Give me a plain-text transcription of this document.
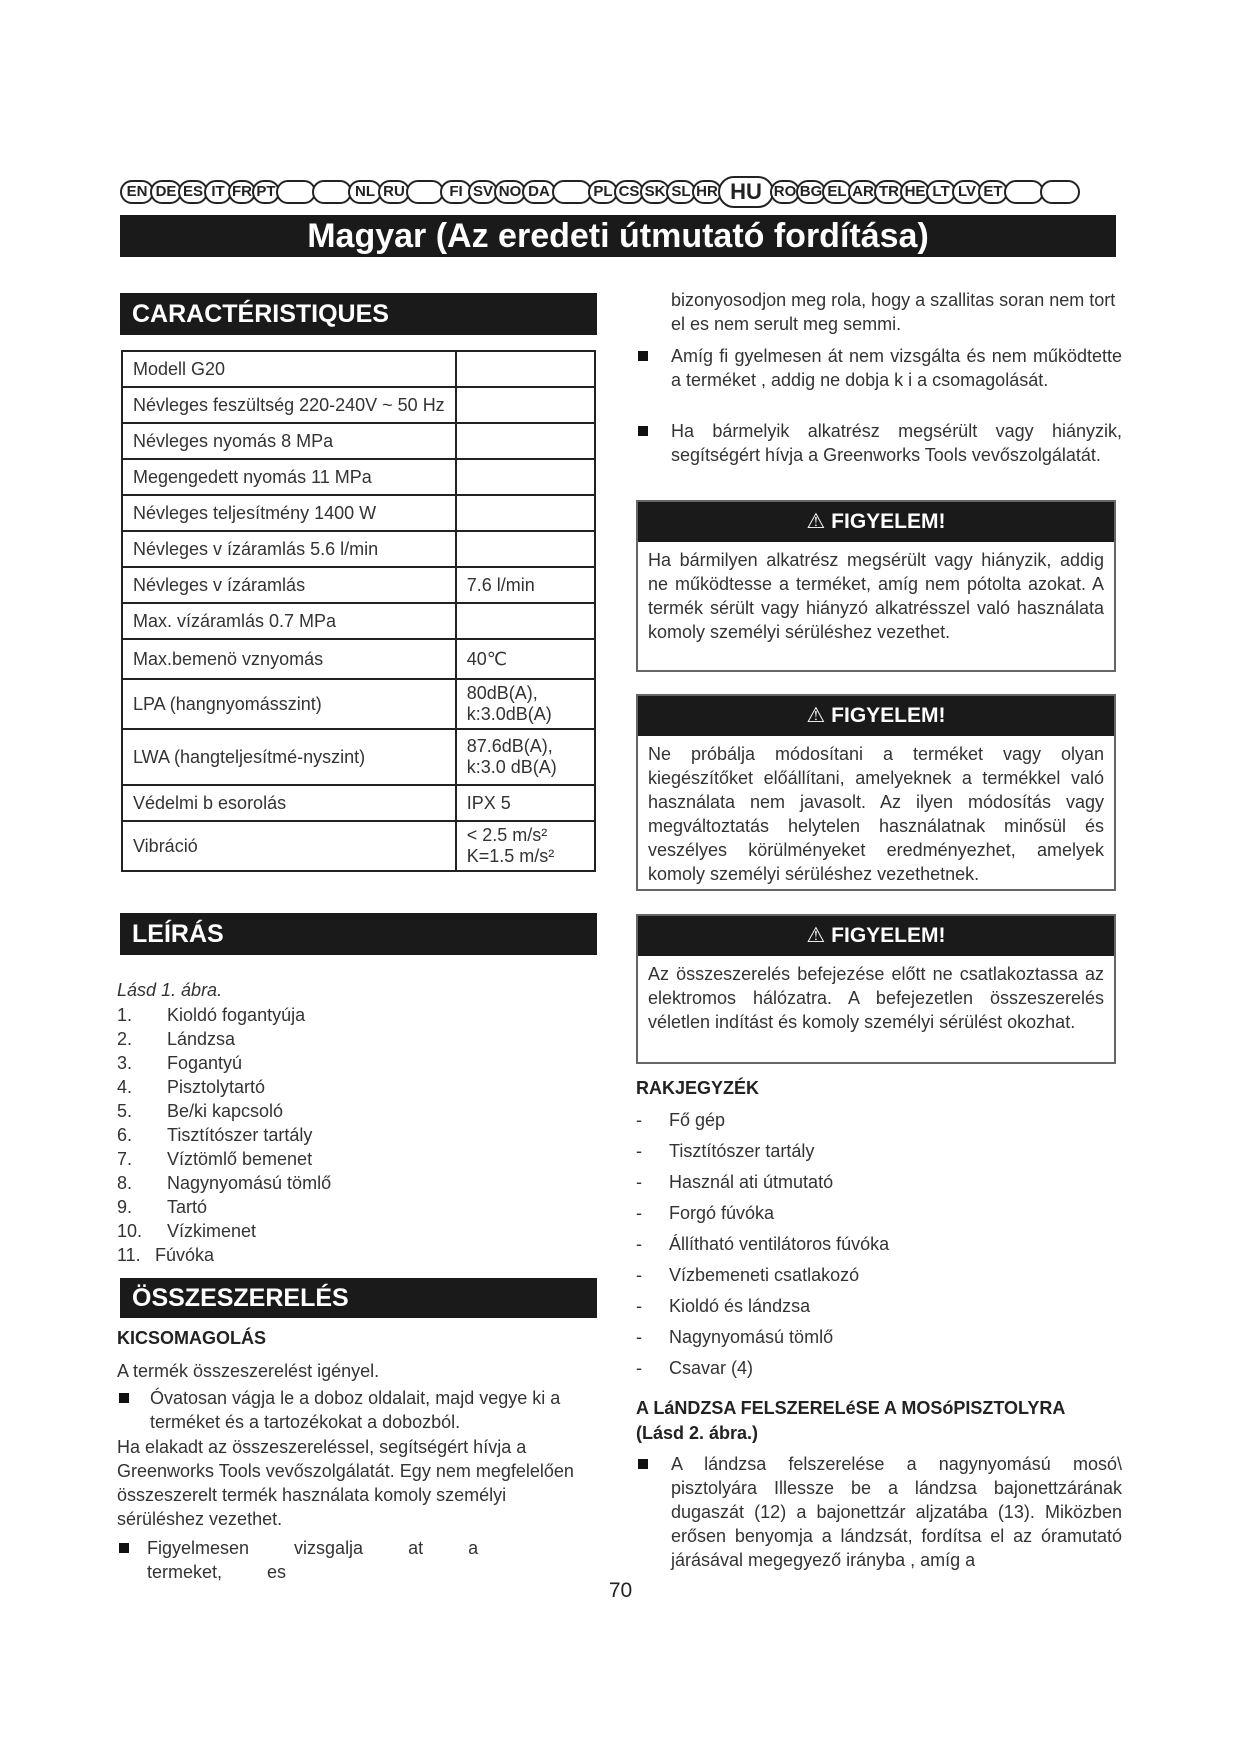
EN DE ES IT FR PT	NL RU	FI SV NO DA	PL CS SK SL HR HU RO BG EL AR TR HE LT LV ET
Magyar (Az eredeti útmutató fordítása)
CARACTÉRISTIQUES
Modell G20	
Névleges feszültség 220-240V ~ 50 Hz	
Névleges nyomás 8 MPa	
Megengedett nyomás 11 MPa	
Névleges teljesítmény 1400 W	
Névleges v ízáramlás 5.6 l/min	
Névleges v ízáramlás	7.6 l/min
Max. vízáramlás 0.7 MPa	
Max.bemenö vznyomás	40℃
LPA (hangnyomásszint)	80dB(A), k:3.0dB(A)
LWA (hangteljesítmé-nyszint)	87.6dB(A), k:3.0 dB(A)
Védelmi b esorolás	IPX 5
Vibráció	< 2.5 m/s² K=1.5 m/s²
LEÍRÁS
Lásd 1. ábra.
1. Kioldó fogantyúja
2. Lándzsa
3. Fogantyú
4. Pisztolytartó
5. Be/ki kapcsoló
6. Tisztítószer tartály
7. Víztömlő bemenet
8. Nagynyomású tömlő
9. Tartó
10. Vízkimenet
11. Fúvóka
ÖSSZESZERELÉS
KICSOMAGOLÁS
A termék összeszerelést igényel.
Óvatosan vágja le a doboz oldalait, majd vegye ki a terméket és a tartozékokat a dobozból.
Ha elakadt az összeszereléssel, segítségért hívja a Greenworks Tools vevőszolgálatát. Egy nem megfelelően összeszerelt termék használata komoly személyi sérüléshez vezethet.
Figyelmesen vizsgalja at a termeket, es
bizonyosodjon meg rola, hogy a szallitas soran nem tort el es nem serult meg semmi.
Amíg fi gyelmesen át nem vizsgálta és nem működtette a terméket , addig ne dobja k i a csomagolását.
Ha bármelyik alkatrész megsérült vagy hiányzik, segítségért hívja a Greenworks Tools vevőszolgálatát.
⚠ FIGYELEM!
Ha bármilyen alkatrész megsérült vagy hiányzik, addig ne működtesse a terméket, amíg nem pótolta azokat. A termék sérült vagy hiányzó alkatrésszel való használata komoly személyi sérüléshez vezethet.
⚠ FIGYELEM!
Ne próbálja módosítani a terméket vagy olyan kiegészítőket előállítani, amelyeknek a termékkel való használata nem javasolt. Az ilyen módosítás vagy megváltoztatás helytelen használatnak minősül és veszélyes körülményeket eredményezhet, amelyek komoly személyi sérüléshez vezethetnek.
⚠ FIGYELEM!
Az összeszerelés befejezése előtt ne csatlakoztassa az elektromos hálózatra. A befejezetlen összeszerelés véletlen indítást és komoly személyi sérülést okozhat.
RAKJEGYZÉK
- Fő gép
- Tisztítószer tartály
- Használ ati útmutató
- Forgó fúvóka
- Állítható ventilátoros fúvóka
- Vízbemeneti csatlakozó
- Kioldó és lándzsa
- Nagynyomású tömlő
- Csavar (4)
A LáNDZSA FELSZERELéSE A MOSóPISZTOLYRA (Lásd 2. ábra.)
A lándzsa felszerelése a nagynyomású mosó\ pisztolyára Illessze be a lándzsa bajonettzárának dugaszát (12) a bajonettzár aljzatába (13). Miközben erősen benyomja a lándzsát, fordítsa el az óramutató járásával megegyező irányba , amíg a
70
